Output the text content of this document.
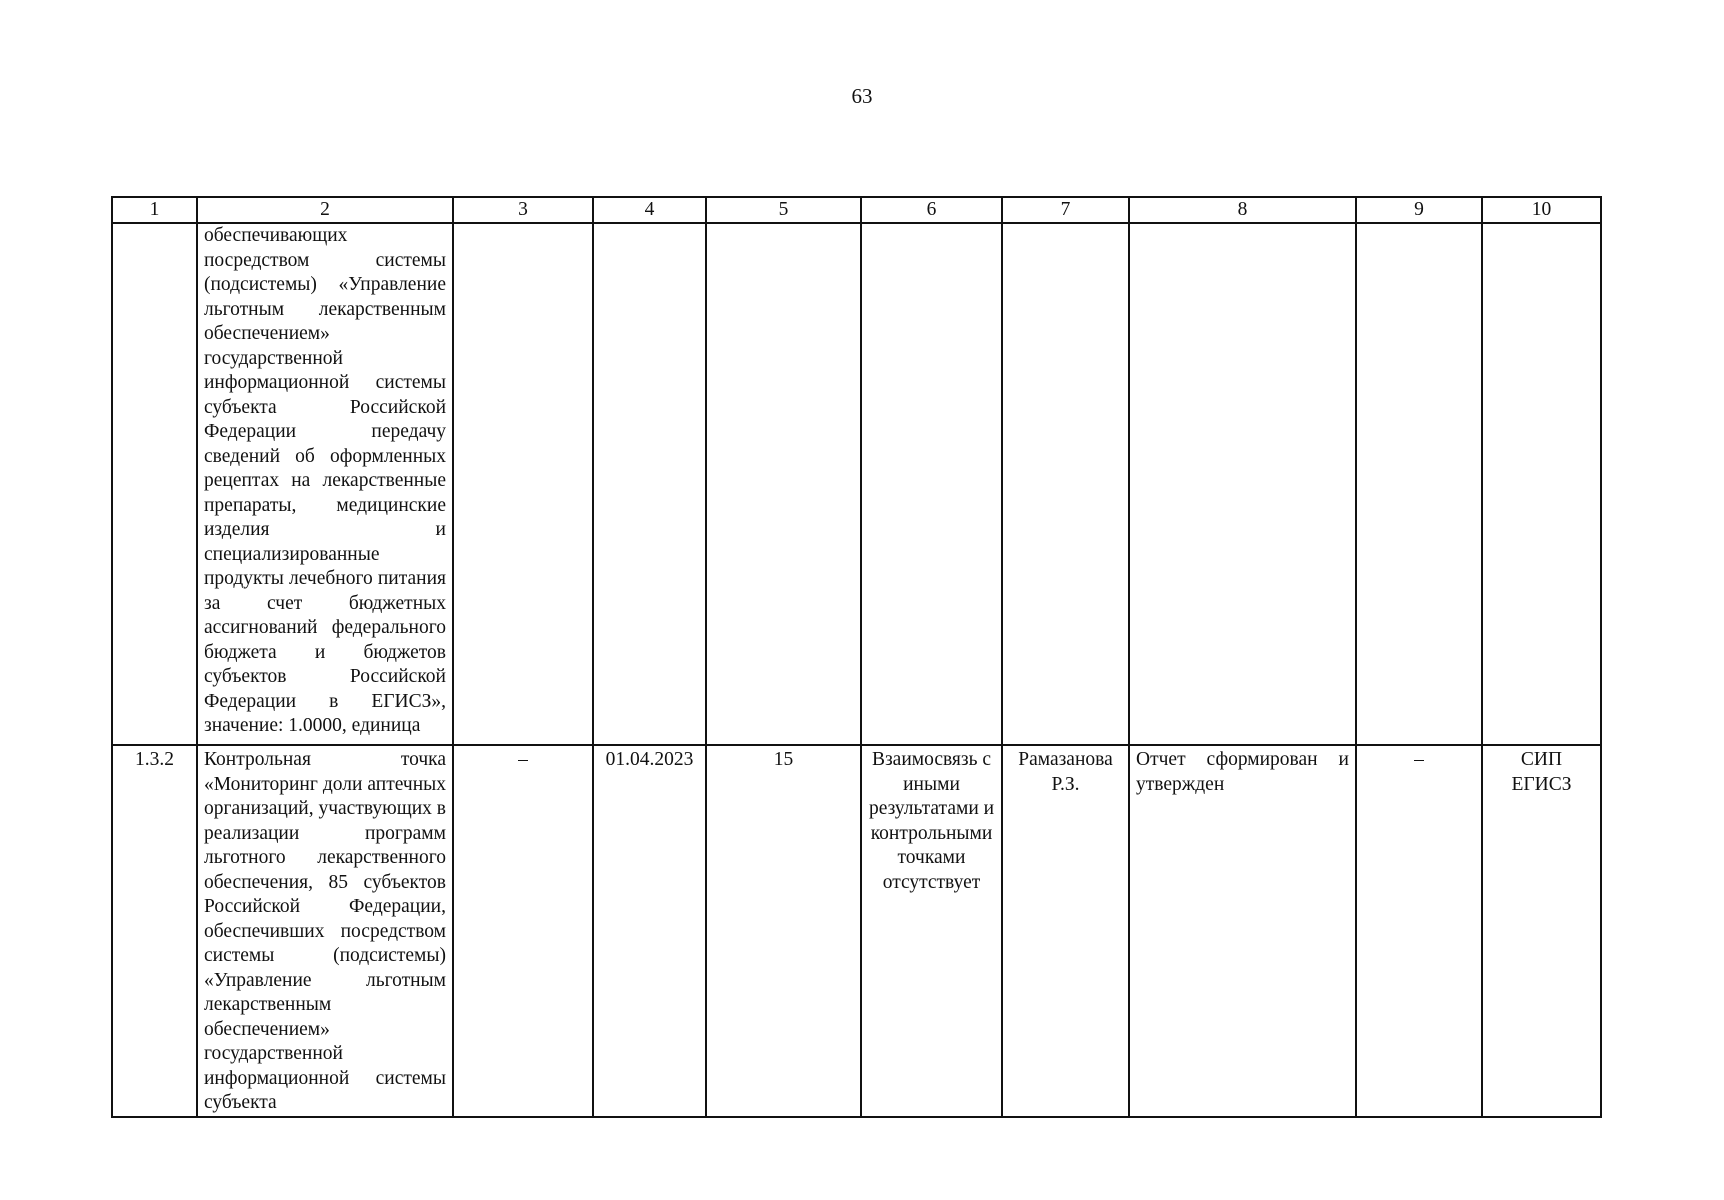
63
1	2	3	4	5	6	7	8	9	10
	обеспечивающих посредством системы (подсистемы) «Управление льготным лекарственным обеспечением» государственной информационной системы субъекта Российской Федерации передачу сведений об оформленных рецептах на лекарственные препараты, медицинские изделия и специализированные продукты лечебного питания за счет бюджетных ассигнований федерального бюджета и бюджетов субъектов Российской Федерации в ЕГИСЗ», значение: 1.0000, единица								
1.3.2	Контрольная точка «Мониторинг доли аптечных организаций, участвующих в реализации программ льготного лекарственного обеспечения, 85 субъектов Российской Федерации, обеспечивших посредством системы (подсистемы) «Управление льготным лекарственным обеспечением» государственной информационной системы субъекта	–	01.04.2023	15	Взаимосвязь с иными результатами и контрольными точками отсутствует	Рамазанова Р.З.	Отчет сформирован и утвержден	–	СИП ЕГИСЗ
